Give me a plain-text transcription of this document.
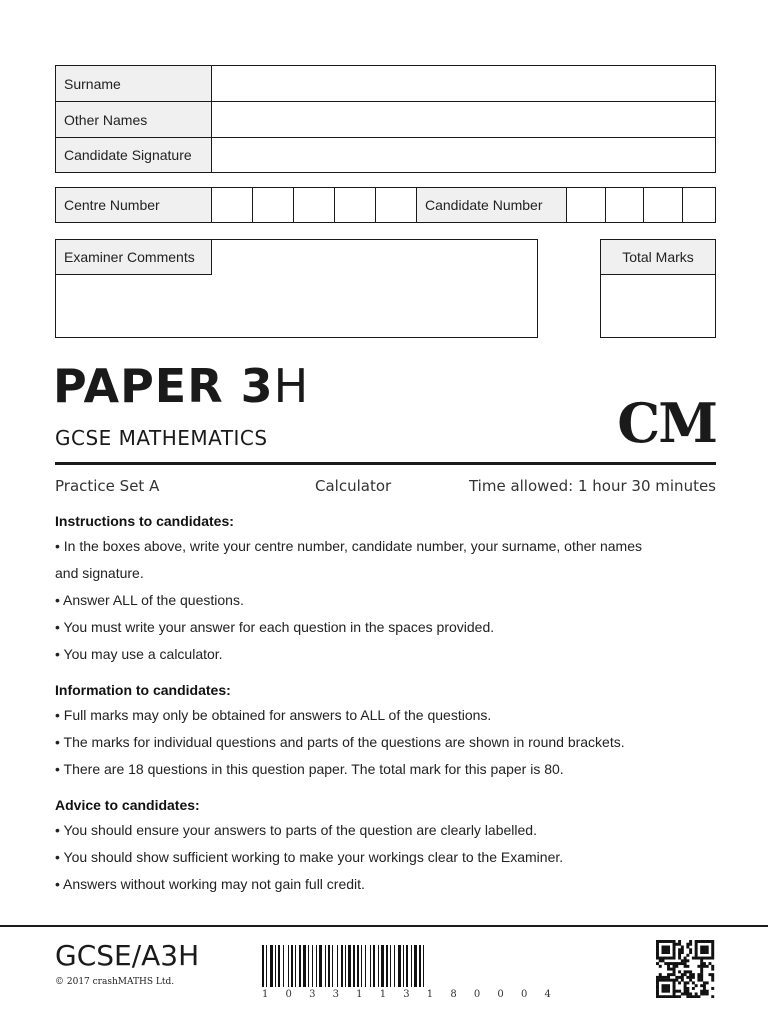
Surname
Other Names
Candidate Signature
Centre Number	Candidate Number
Examiner Comments	Total Marks
PAPER 3H
GCSE MATHEMATICS	CM
Practice Set A	Calculator	Time allowed: 1 hour 30 minutes
Instructions to candidates:
• In the boxes above, write your centre number, candidate number, your surname, other names
and signature.
• Answer ALL of the questions.
• You must write your answer for each question in the spaces provided.
• You may use a calculator.
Information to candidates:
• Full marks may only be obtained for answers to ALL of the questions.
• The marks for individual questions and parts of the questions are shown in round brackets.
• There are 18 questions in this question paper. The total mark for this paper is 80.
Advice to candidates:
• You should ensure your answers to parts of the question are clearly labelled.
• You should show sufficient working to make your workings clear to the Examiner.
• Answers without working may not gain full credit.
GCSE/A3H
© 2017 crashMATHS Ltd.
1 0 3 3 1 1 3 1 8 0 0 0 4
